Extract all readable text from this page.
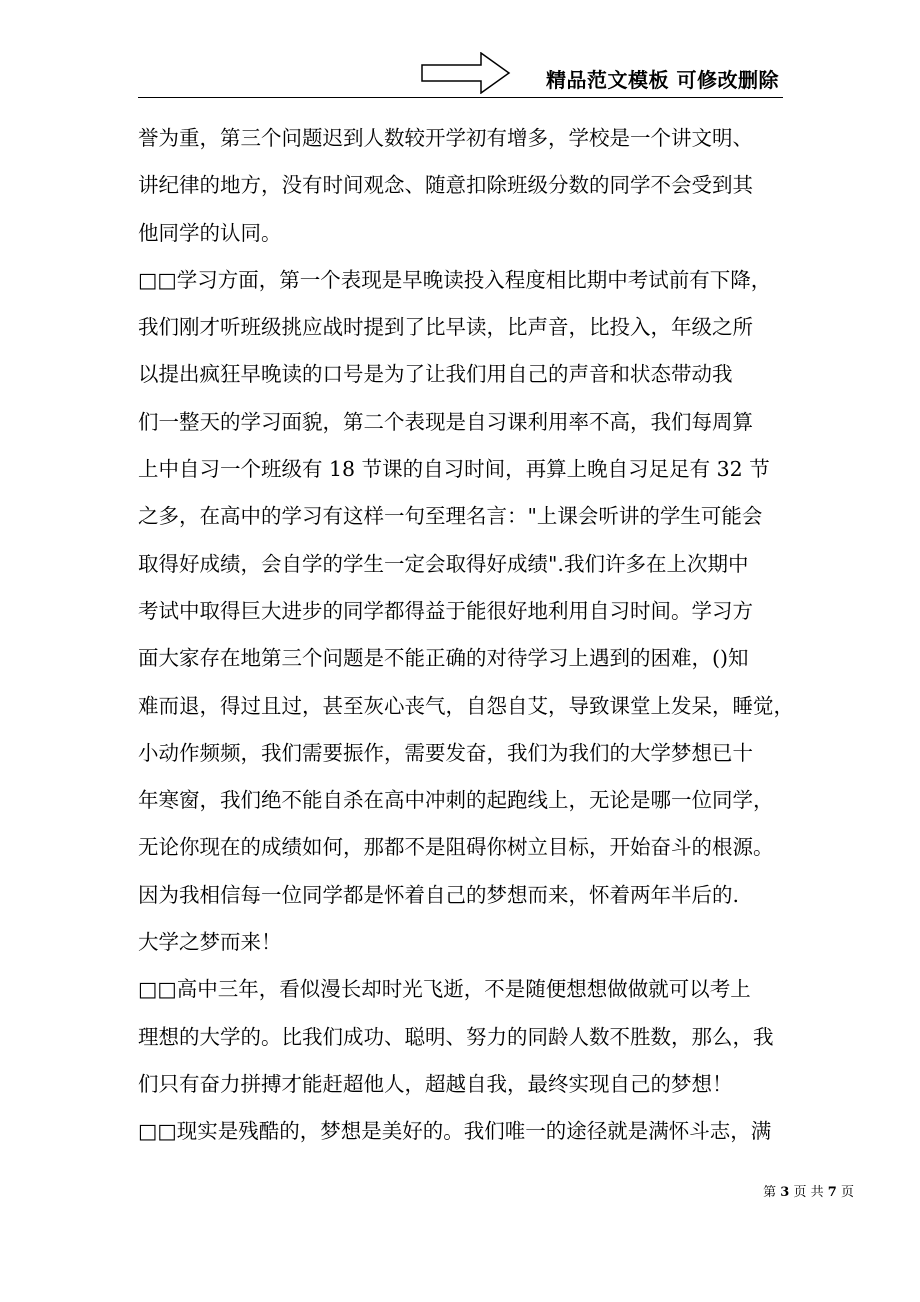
精品范文模板 可修改删除
誉为重，第三个问题迟到人数较开学初有增多，学校是一个讲文明、
讲纪律的地方，没有时间观念、随意扣除班级分数的同学不会受到其
他同学的认同。
□□学习方面，第一个表现是早晚读投入程度相比期中考试前有下降，
我们刚才听班级挑应战时提到了比早读，比声音，比投入，年级之所
以提出疯狂早晚读的口号是为了让我们用自己的声音和状态带动我
们一整天的学习面貌，第二个表现是自习课利用率不高，我们每周算
上中自习一个班级有 18 节课的自习时间，再算上晚自习足足有 32 节
之多，在高中的学习有这样一句至理名言："上课会听讲的学生可能会
取得好成绩，会自学的学生一定会取得好成绩".我们许多在上次期中
考试中取得巨大进步的同学都得益于能很好地利用自习时间。学习方
面大家存在地第三个问题是不能正确的对待学习上遇到的困难，()知
难而退，得过且过，甚至灰心丧气，自怨自艾，导致课堂上发呆，睡觉，
小动作频频，我们需要振作，需要发奋，我们为我们的大学梦想已十
年寒窗，我们绝不能自杀在高中冲刺的起跑线上，无论是哪一位同学，
无论你现在的成绩如何，那都不是阻碍你树立目标，开始奋斗的根源。
因为我相信每一位同学都是怀着自己的梦想而来，怀着两年半后的.
大学之梦而来！
□□高中三年，看似漫长却时光飞逝，不是随便想想做做就可以考上
理想的大学的。比我们成功、聪明、努力的同龄人数不胜数，那么，我
们只有奋力拼搏才能赶超他人，超越自我，最终实现自己的梦想！
□□现实是残酷的，梦想是美好的。我们唯一的途径就是满怀斗志，满
第 3 页 共 7 页
